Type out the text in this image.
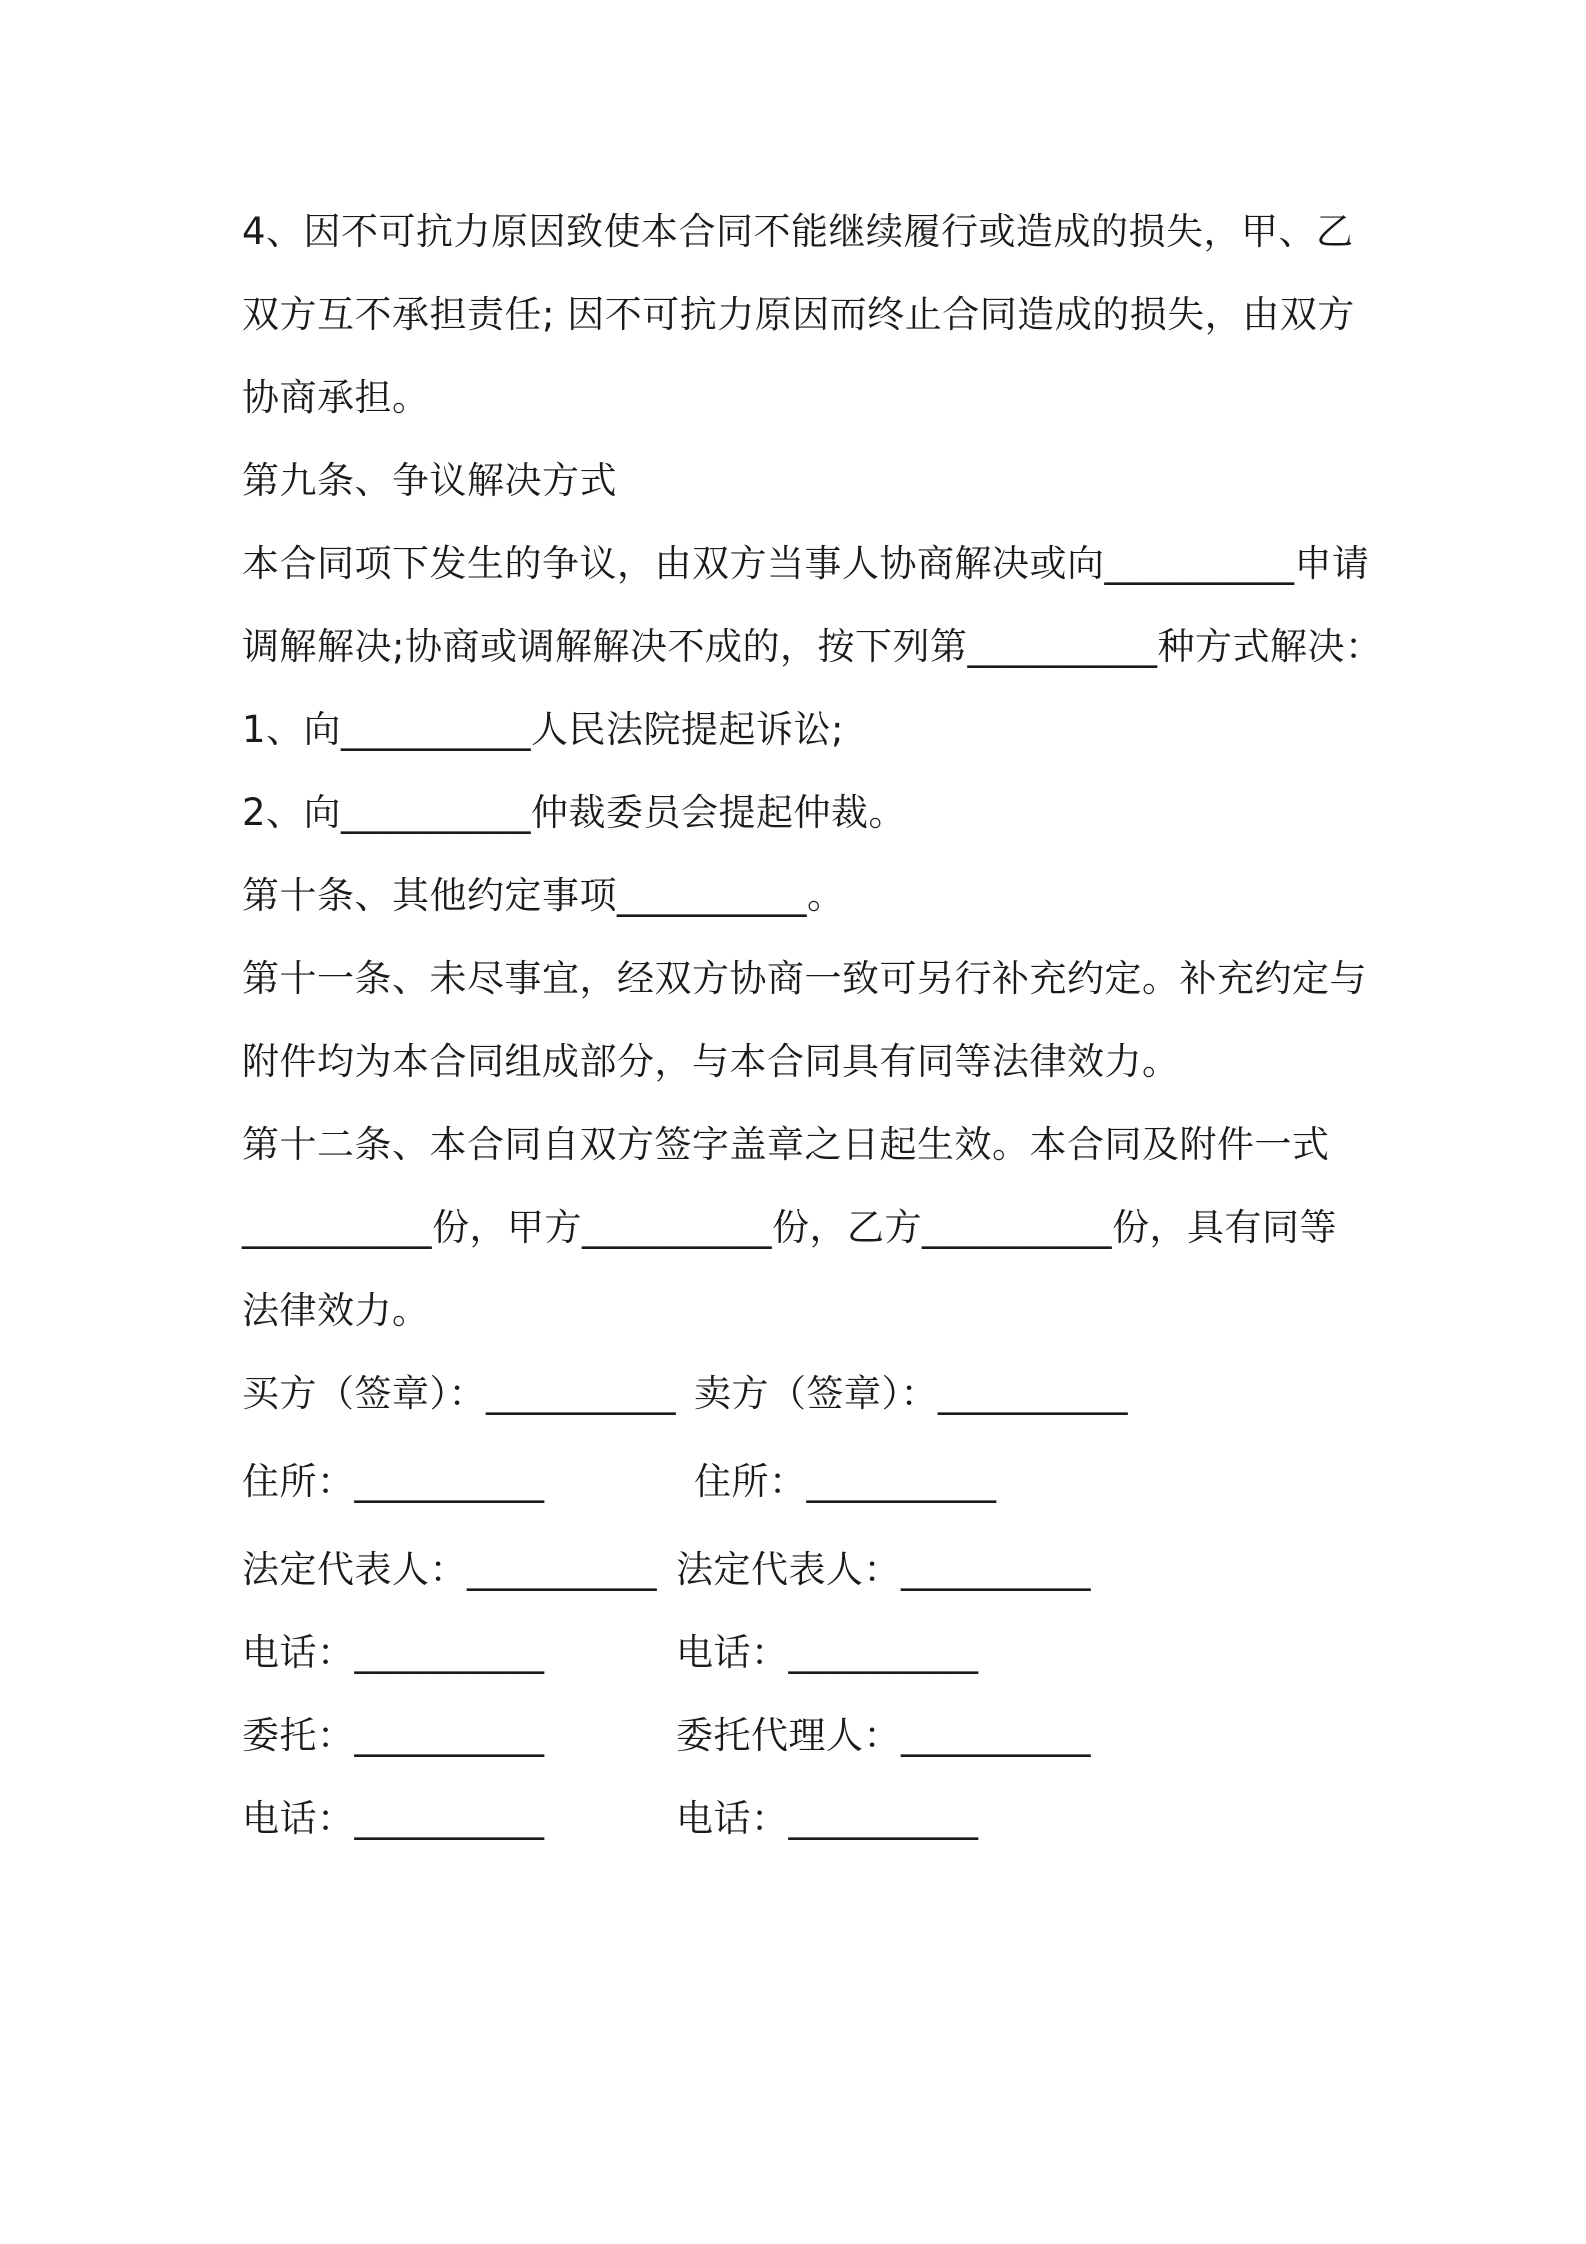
4、因不可抗力原因致使本合同不能继续履行或造成的损失，甲、乙
双方互不承担责任; 因不可抗力原因而终止合同造成的损失，由双方
协商承担。
第九条、争议解决方式
本合同项下发生的争议，由双方当事人协商解决或向__________申请
调解解决;协商或调解解决不成的，按下列第__________种方式解决：
1、向__________人民法院提起诉讼;
2、向__________仲裁委员会提起仲裁。
第十条、其他约定事项__________。
第十一条、未尽事宜，经双方协商一致可另行补充约定。补充约定与
附件均为本合同组成部分，与本合同具有同等法律效力。
第十二条、本合同自双方签字盖章之日起生效。本合同及附件一式
__________份，甲方__________份，乙方__________份，具有同等
法律效力。
买方（签章）：__________ 卖方（签章）：__________
住所：__________	住所：__________
法定代表人：__________ 法定代表人：__________
电话：__________	电话：__________
委托：__________	委托代理人：__________
电话：__________	电话：__________
